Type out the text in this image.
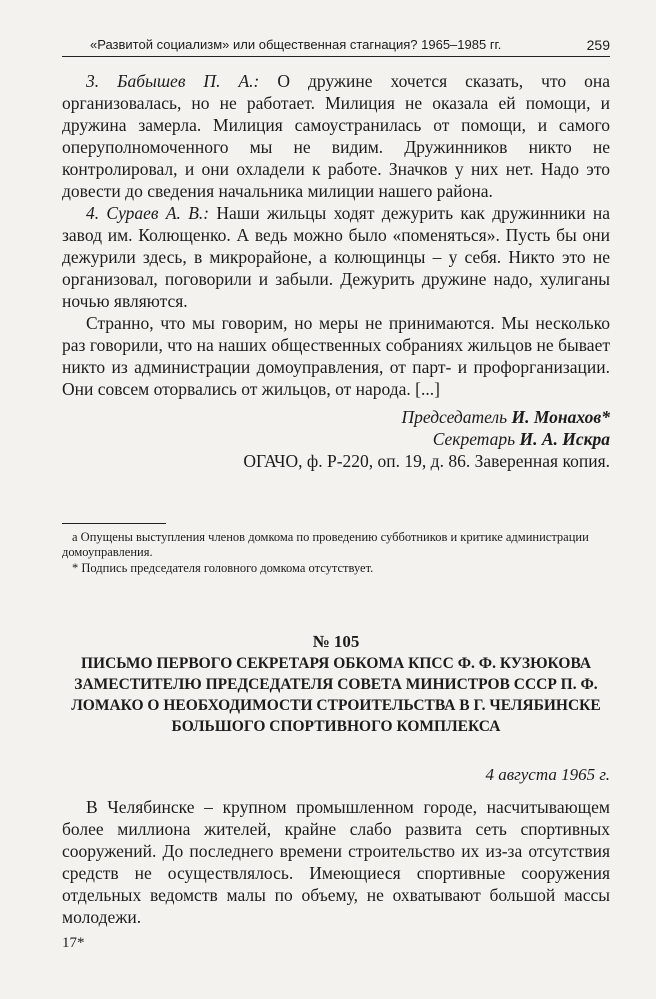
«Развитой социализм» или общественная стагнация? 1965–1985 гг.	259

3. Бабышев П. А.: О дружине хочется сказать, что она организовалась, но не работает. Милиция не оказала ей помощи, и дружина замерла. Милиция самоустранилась от помощи, и самого оперуполномоченного мы не видим. Дружинников никто не контролировал, и они охладели к работе. Значков у них нет. Надо это довести до сведения начальника милиции нашего района.

4. Сураев А. В.: Наши жильцы ходят дежурить как дружинники на завод им. Колющенко. А ведь можно было «поменяться». Пусть бы они дежурили здесь, в микрорайоне, а колющинцы – у себя. Никто это не организовал, поговорили и забыли. Дежурить дружине надо, хулиганы ночью являются.

Странно, что мы говорим, но меры не принимаются. Мы несколько раз говорили, что на наших общественных собраниях жильцов не бывает никто из администрации домоуправления, от парт- и профорганизации. Они совсем оторвались от жильцов, от народа. [...]

Председатель И. Монахов*

Секретарь И. А. Искра

ОГАЧО, ф. Р-220, оп. 19, д. 86. Заверенная копия.

а Опущены выступления членов домкома по проведению субботников и критике администрации домоуправления.
* Подпись председателя головного домкома отсутствует.
№ 105
ПИСЬМО ПЕРВОГО СЕКРЕТАРЯ ОБКОМА КПСС Ф. Ф. КУЗЮКОВА ЗАМЕСТИТЕЛЮ ПРЕДСЕДАТЕЛЯ СОВЕТА МИНИСТРОВ СССР П. Ф. ЛОМАКО О НЕОБХОДИМОСТИ СТРОИТЕЛЬСТВА В Г. ЧЕЛЯБИНСКЕ БОЛЬШОГО СПОРТИВНОГО КОМПЛЕКСА
4 августа 1965 г.

В Челябинске – крупном промышленном городе, насчитывающем более миллиона жителей, крайне слабо развита сеть спортивных сооружений. До последнего времени строительство их из-за отсутствия средств не осуществлялось. Имеющиеся спортивные сооружения отдельных ведомств малы по объему, не охватывают большой массы молодежи.

17*
